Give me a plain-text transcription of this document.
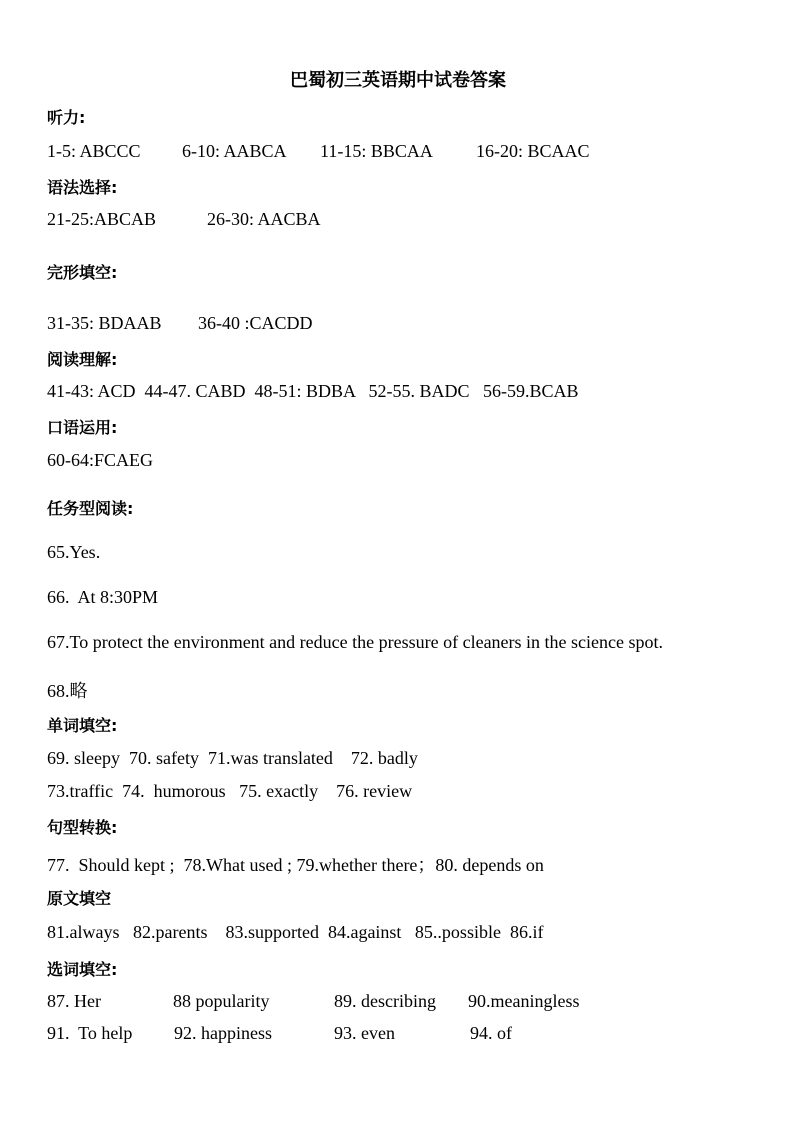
巴蜀初三英语期中试卷答案
听力:
1-5: ABCCC 6-10: AABCA 11-15: BBCAA 16-20: BCAAC
语法选择:
21-25:ABCAB	26-30: AACBA
完形填空:
31-35: BDAAB 36-40 :CACDD
阅读理解:
41-43: ACD  44-47. CABD  48-51: BDBA   52-55. BADC   56-59.BCAB
口语运用:
60-64:FCAEG
任务型阅读:
65.Yes.
66.  At 8:30PM
67.To protect the environment and reduce the pressure of cleaners in the science spot.
68.略
单词填空:
69. sleepy  70. safety  71.was translated    72. badly
73.traffic  74.  humorous   75. exactly    76. review
句型转换:
77.  Should kept ;  78.What used ; 79.whether there；80. depends on
原文填空
81.always   82.parents    83.supported  84.against   85..possible  86.if
选词填空:
87. Her	88 popularity	89. describing 90.meaningless
91.  To help 92. happiness	93. even	94. of
